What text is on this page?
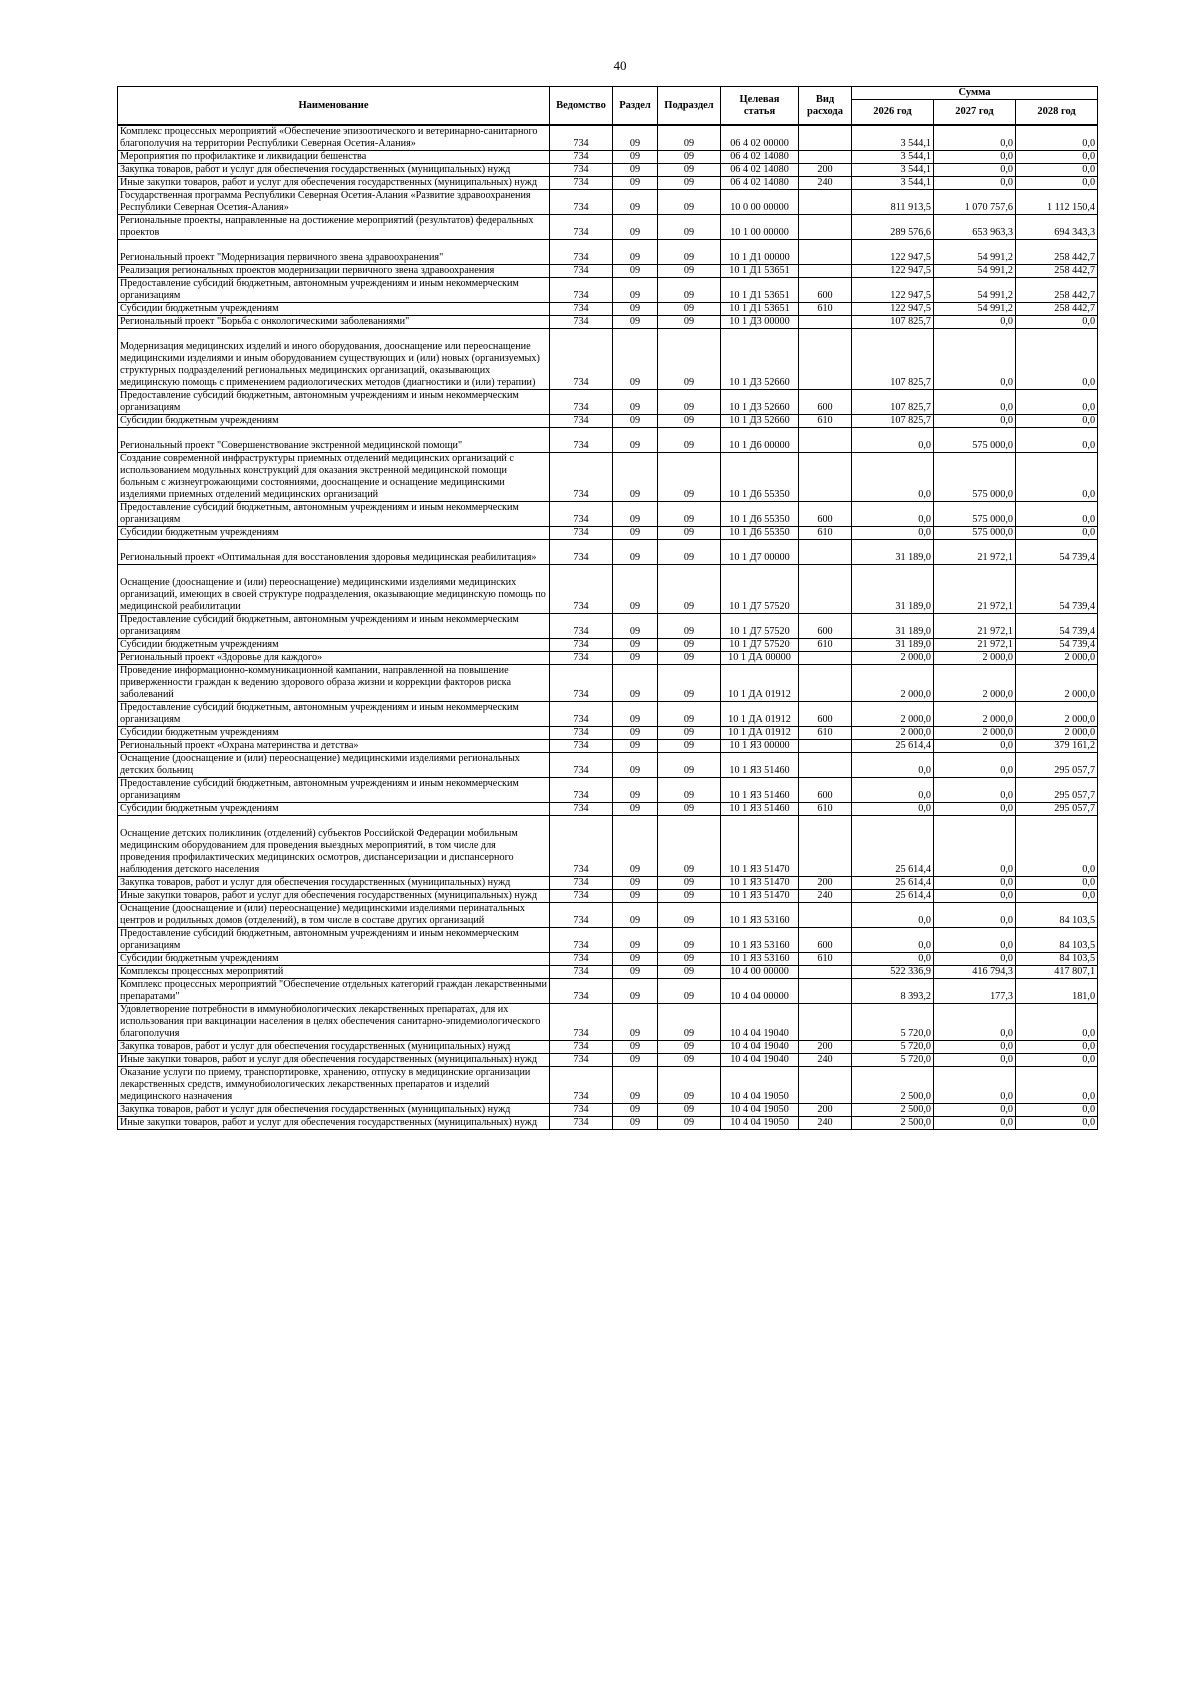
40
Наименование	Ведомство	Раздел	Подраздел	Целевая статья	Вид расхода	Сумма		
						2026 год	2027 год	2028 год
Комплекс процессных мероприятий «Обеспечение эпизоотического и ветеринарно-санитарного благополучия на территории Республики Северная Осетия-Алания»	734	09	09	06 4 02 00000		3 544,1	0,0	0,0
Мероприятия по профилактике и ликвидации бешенства	734	09	09	06 4 02 14080		3 544,1	0,0	0,0
Закупка товаров, работ и услуг для обеспечения государственных (муниципальных) нужд	734	09	09	06 4 02 14080	200	3 544,1	0,0	0,0
Иные закупки товаров, работ и услуг для обеспечения государственных (муниципальных) нужд	734	09	09	06 4 02 14080	240	3 544,1	0,0	0,0
Государственная программа Республики Северная Осетия-Алания «Развитие здравоохранения Республики Северная Осетия-Алания»	734	09	09	10 0 00 00000		811 913,5	1 070 757,6	1 112 150,4
Региональные проекты, направленные на достижение мероприятий (результатов) федеральных проектов	734	09	09	10 1 00 00000		289 576,6	653 963,3	694 343,3
Региональный проект "Модернизация первичного звена здравоохранения"	734	09	09	10 1 Д1 00000		122 947,5	54 991,2	258 442,7
Реализация региональных проектов модернизации первичного звена здравоохранения	734	09	09	10 1 Д1 53651		122 947,5	54 991,2	258 442,7
Предоставление субсидий бюджетным, автономным учреждениям и иным некоммерческим организациям	734	09	09	10 1 Д1 53651	600	122 947,5	54 991,2	258 442,7
Субсидии бюджетным учреждениям	734	09	09	10 1 Д1 53651	610	122 947,5	54 991,2	258 442,7
Региональный проект "Борьба с онкологическими заболеваниями"	734	09	09	10 1 Д3 00000		107 825,7	0,0	0,0
Модернизация медицинских изделий и иного оборудования, дооснащение или переоснащение медицинскими изделиями и иным оборудованием существующих и (или) новых (организуемых) структурных подразделений региональных медицинских организаций, оказывающих медицинскую помощь с применением радиологических методов (диагностики и (или) терапии)	734	09	09	10 1 Д3 52660		107 825,7	0,0	0,0
Предоставление субсидий бюджетным, автономным учреждениям и иным некоммерческим организациям	734	09	09	10 1 Д3 52660	600	107 825,7	0,0	0,0
Субсидии бюджетным учреждениям	734	09	09	10 1 Д3 52660	610	107 825,7	0,0	0,0
Региональный проект "Совершенствование экстренной медицинской помощи"	734	09	09	10 1 Д6 00000		0,0	575 000,0	0,0
Создание современной инфраструктуры приемных отделений медицинских организаций с использованием модульных конструкций для оказания экстренной медицинской помощи больным с жизнеугрожающими состояниями, дооснащение и оснащение медицинскими изделиями приемных отделений медицинских организаций	734	09	09	10 1 Д6 55350		0,0	575 000,0	0,0
Предоставление субсидий бюджетным, автономным учреждениям и иным некоммерческим организациям	734	09	09	10 1 Д6 55350	600	0,0	575 000,0	0,0
Субсидии бюджетным учреждениям	734	09	09	10 1 Д6 55350	610	0,0	575 000,0	0,0
Региональный проект «Оптимальная для восстановления здоровья медицинская реабилитация»	734	09	09	10 1 Д7 00000		31 189,0	21 972,1	54 739,4
Оснащение (дооснащение и (или) переоснащение) медицинскими изделиями медицинских организаций, имеющих в своей структуре подразделения, оказывающие медицинскую помощь по медицинской реабилитации	734	09	09	10 1 Д7 57520		31 189,0	21 972,1	54 739,4
Предоставление субсидий бюджетным, автономным учреждениям и иным некоммерческим организациям	734	09	09	10 1 Д7 57520	600	31 189,0	21 972,1	54 739,4
Субсидии бюджетным учреждениям	734	09	09	10 1 Д7 57520	610	31 189,0	21 972,1	54 739,4
Региональный проект «Здоровье для каждого»	734	09	09	10 1 ДА 00000		2 000,0	2 000,0	2 000,0
Проведение информационно-коммуникационной кампании, направленной на повышение приверженности граждан к ведению здорового образа жизни и коррекции факторов риска заболеваний	734	09	09	10 1 ДА 01912		2 000,0	2 000,0	2 000,0
Предоставление субсидий бюджетным, автономным учреждениям и иным некоммерческим организациям	734	09	09	10 1 ДА 01912	600	2 000,0	2 000,0	2 000,0
Субсидии бюджетным учреждениям	734	09	09	10 1 ДА 01912	610	2 000,0	2 000,0	2 000,0
Региональный проект «Охрана материнства и детства»	734	09	09	10 1 Я3 00000		25 614,4	0,0	379 161,2
Оснащение (дооснащение и (или) переоснащение) медицинскими изделиями региональных детских больниц	734	09	09	10 1 Я3 51460		0,0	0,0	295 057,7
Предоставление субсидий бюджетным, автономным учреждениям и иным некоммерческим организациям	734	09	09	10 1 Я3 51460	600	0,0	0,0	295 057,7
Субсидии бюджетным учреждениям	734	09	09	10 1 Я3 51460	610	0,0	0,0	295 057,7
Оснащение детских поликлиник (отделений) субъектов Российской Федерации мобильным медицинским оборудованием для проведения выездных мероприятий, в том числе для проведения профилактических медицинских осмотров, диспансеризации и диспансерного наблюдения детского населения	734	09	09	10 1 Я3 51470		25 614,4	0,0	0,0
Закупка товаров, работ и услуг для обеспечения государственных (муниципальных) нужд	734	09	09	10 1 Я3 51470	200	25 614,4	0,0	0,0
Иные закупки товаров, работ и услуг для обеспечения государственных (муниципальных) нужд	734	09	09	10 1 Я3 51470	240	25 614,4	0,0	0,0
Оснащение (дооснащение и (или) переоснащение) медицинскими изделиями перинатальных центров и родильных домов (отделений), в том числе в составе других организаций	734	09	09	10 1 Я3 53160		0,0	0,0	84 103,5
Предоставление субсидий бюджетным, автономным учреждениям и иным некоммерческим организациям	734	09	09	10 1 Я3 53160	600	0,0	0,0	84 103,5
Субсидии бюджетным учреждениям	734	09	09	10 1 Я3 53160	610	0,0	0,0	84 103,5
Комплексы процессных мероприятий	734	09	09	10 4 00 00000		522 336,9	416 794,3	417 807,1
Комплекс процессных мероприятий "Обеспечение отдельных категорий граждан лекарственными препаратами"	734	09	09	10 4 04 00000		8 393,2	177,3	181,0
Удовлетворение потребности в иммунобиологических лекарственных препаратах, для их использования при вакцинации населения в целях обеспечения санитарно-эпидемиологического благополучия	734	09	09	10 4 04 19040		5 720,0	0,0	0,0
Закупка товаров, работ и услуг для обеспечения государственных (муниципальных) нужд	734	09	09	10 4 04 19040	200	5 720,0	0,0	0,0
Иные закупки товаров, работ и услуг для обеспечения государственных (муниципальных) нужд	734	09	09	10 4 04 19040	240	5 720,0	0,0	0,0
Оказание услуги по приему, транспортировке, хранению, отпуску в медицинские организации лекарственных средств, иммунобиологических лекарственных препаратов и изделий медицинского назначения	734	09	09	10 4 04 19050		2 500,0	0,0	0,0
Закупка товаров, работ и услуг для обеспечения государственных (муниципальных) нужд	734	09	09	10 4 04 19050	200	2 500,0	0,0	0,0
Иные закупки товаров, работ и услуг для обеспечения государственных (муниципальных) нужд	734	09	09	10 4 04 19050	240	2 500,0	0,0	0,0
